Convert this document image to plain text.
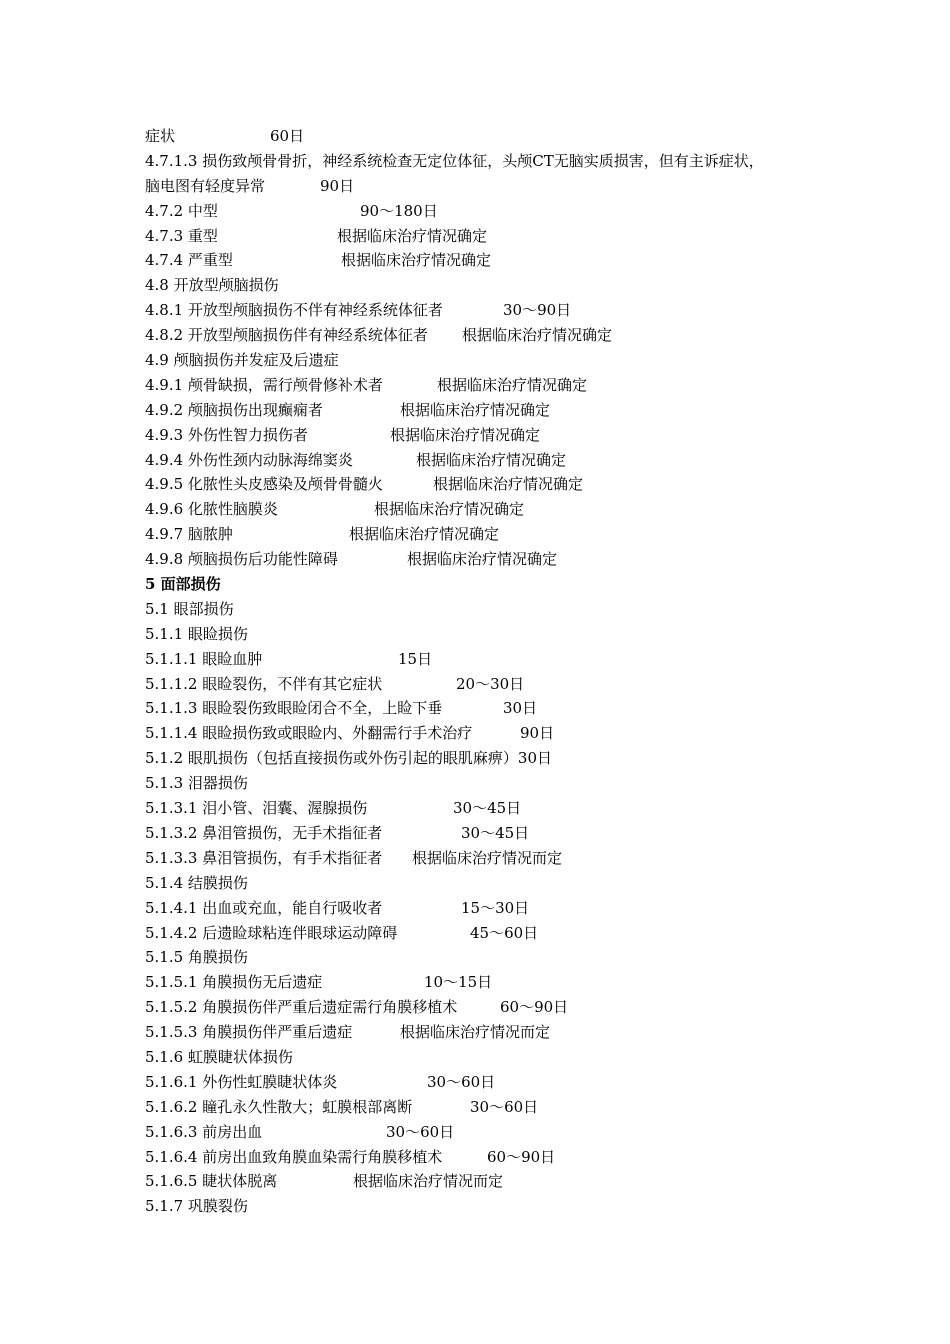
症状	60日
4.7.1.3 损伤致颅骨骨折，神经系统检查无定位体征，头颅CT无脑实质损害，但有主诉症状，
脑电图有轻度异常	90日
4.7.2 中型	90～180日
4.7.3 重型	根据临床治疗情况确定
4.7.4 严重型	根据临床治疗情况确定
4.8 开放型颅脑损伤
4.8.1 开放型颅脑损伤不伴有神经系统体征者	30～90日
4.8.2 开放型颅脑损伤伴有神经系统体征者 根据临床治疗情况确定
4.9 颅脑损伤并发症及后遗症
4.9.1 颅骨缺损，需行颅骨修补术者	根据临床治疗情况确定
4.9.2 颅脑损伤出现癫痫者	根据临床治疗情况确定
4.9.3 外伤性智力损伤者	根据临床治疗情况确定
4.9.4 外伤性颈内动脉海绵窦炎	根据临床治疗情况确定
4.9.5 化脓性头皮感染及颅骨骨髓火	根据临床治疗情况确定
4.9.6 化脓性脑膜炎	根据临床治疗情况确定
4.9.7 脑脓肿	根据临床治疗情况确定
4.9.8 颅脑损伤后功能性障碍	根据临床治疗情况确定
5 面部损伤
5.1 眼部损伤
5.1.1 眼睑损伤
5.1.1.1 眼睑血肿	15日
5.1.1.2 眼睑裂伤，不伴有其它症状	20～30日
5.1.1.3 眼睑裂伤致眼睑闭合不全，上睑下垂	30日
5.1.1.4 眼睑损伤致或眼睑内、外翻需行手术治疗	90日
5.1.2 眼肌损伤（包括直接损伤或外伤引起的眼肌麻痹）30日
5.1.3 泪器损伤
5.1.3.1 泪小管、泪囊、渥腺损伤	30～45日
5.1.3.2 鼻泪管损伤，无手术指征者	30～45日
5.1.3.3 鼻泪管损伤，有手术指征者 根据临床治疗情况而定
5.1.4 结膜损伤
5.1.4.1 出血或充血，能自行吸收者	15～30日
5.1.4.2 后遗睑球粘连伴眼球运动障碍	45～60日
5.1.5 角膜损伤
5.1.5.1 角膜损伤无后遗症	10～15日
5.1.5.2 角膜损伤伴严重后遗症需行角膜移植术	60～90日
5.1.5.3 角膜损伤伴严重后遗症	根据临床治疗情况而定
5.1.6 虹膜睫状体损伤
5.1.6.1 外伤性虹膜睫状体炎	30～60日
5.1.6.2 瞳孔永久性散大；虹膜根部离断	30～60日
5.1.6.3 前房出血	30～60日
5.1.6.4 前房出血致角膜血染需行角膜移植术	60～90日
5.1.6.5 睫状体脱离	根据临床治疗情况而定
5.1.7 巩膜裂伤
